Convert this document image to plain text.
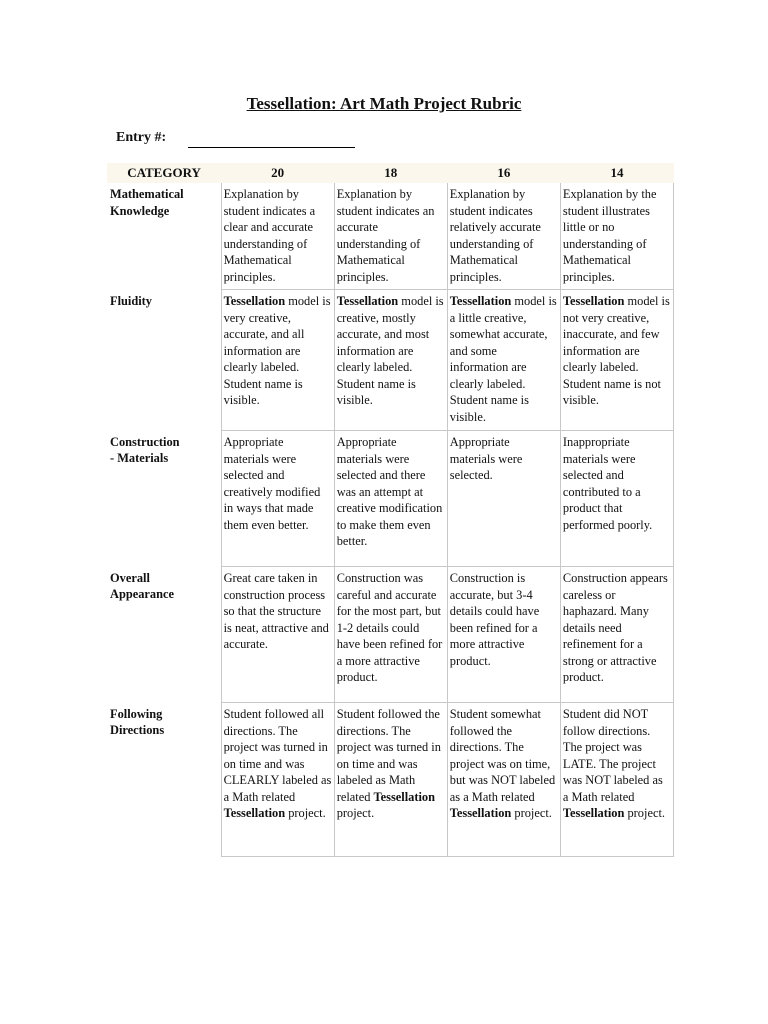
Tessellation: Art Math Project Rubric
Entry #:
CATEGORY	20	18	16	14
Mathematical
Knowledge	Explanation by student indicates a clear and accurate understanding of Mathematical principles.	Explanation by student indicates an accurate understanding of Mathematical principles.	Explanation by student indicates relatively accurate understanding of Mathematical principles.	Explanation by the student illustrates little or no understanding of Mathematical principles.
Fluidity	Tessellation model is very creative, accurate, and all information are clearly labeled. Student name is visible.	Tessellation model is creative, mostly accurate, and most information are clearly labeled. Student name is visible.	Tessellation model is a little creative, somewhat accurate, and some information are clearly labeled. Student name is visible.	Tessellation model is not very creative, inaccurate, and few information are clearly labeled. Student name is not visible.
Construction
- Materials	Appropriate materials were selected and creatively modified in ways that made them even better.	Appropriate materials were selected and there was an attempt at creative modification to make them even better.	Appropriate materials were selected.	Inappropriate materials were selected and contributed to a product that performed poorly.
Overall
Appearance	Great care taken in construction process so that the structure is neat, attractive and accurate.	Construction was careful and accurate for the most part, but 1-2 details could have been refined for a more attractive product.	Construction is accurate, but 3-4 details could have been refined for a more attractive product.	Construction appears careless or haphazard. Many details need refinement for a strong or attractive product.
Following
Directions	Student followed all directions. The project was turned in on time and was CLEARLY labeled as a Math related Tessellation project.	Student followed the directions. The project was turned in on time and was labeled as Math related Tessellation project.	Student somewhat followed the directions. The project was on time, but was NOT labeled as a Math related Tessellation project.	Student did NOT follow directions. The project was LATE. The project was NOT labeled as a Math related Tessellation project.
